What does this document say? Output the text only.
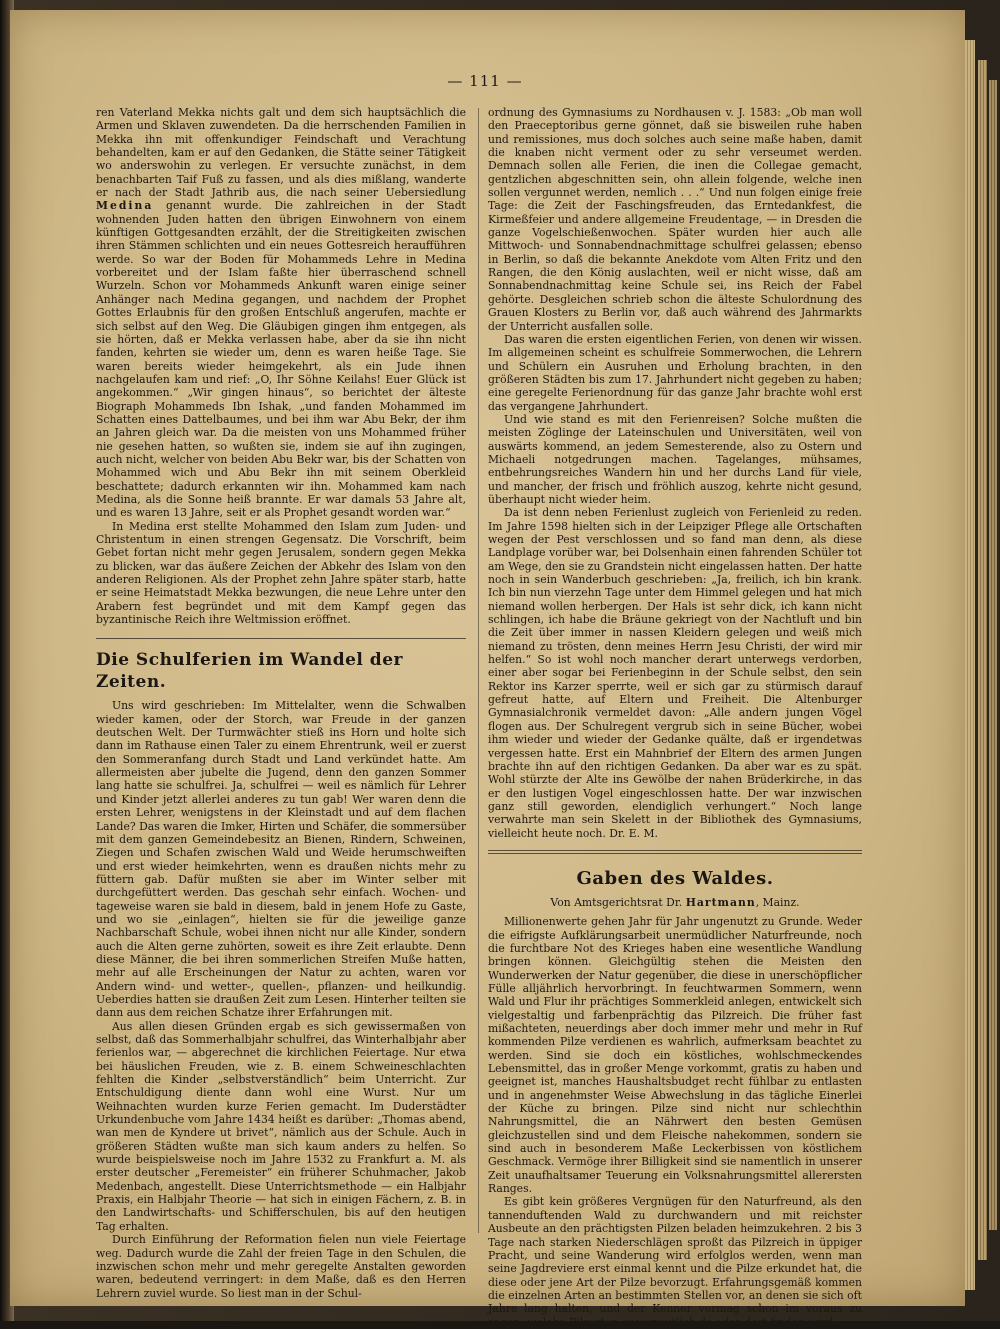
— 111 —

ren Vaterland Mekka nichts galt und dem sich hauptsächlich die Armen und Sklaven zuwendeten. Da die herrschenden Familien in Mekka ihn mit offenkundiger Feindschaft und Verachtung behandelten, kam er auf den Gedanken, die Stätte seiner Tätigkeit wo anderswohin zu verlegen. Er versuchte zunächst, in dem benachbarten Taif Fuß zu fassen, und als dies mißlang, wanderte er nach der Stadt Jathrib aus, die nach seiner Uebersiedlung Medina genannt wurde. Die zahlreichen in der Stadt wohnenden Juden hatten den übrigen Einwohnern von einem künftigen Gottgesandten erzählt, der die Streitigkeiten zwischen ihren Stämmen schlichten und ein neues Gottesreich heraufführen werde. So war der Boden für Mohammeds Lehre in Medina vorbereitet und der Islam faßte hier überraschend schnell Wurzeln. Schon vor Mohammeds Ankunft waren einige seiner Anhänger nach Medina gegangen, und nachdem der Prophet Gottes Erlaubnis für den großen Entschluß angerufen, machte er sich selbst auf den Weg. Die Gläubigen gingen ihm entgegen, als sie hörten, daß er Mekka verlassen habe, aber da sie ihn nicht fanden, kehrten sie wieder um, denn es waren heiße Tage. Sie waren bereits wieder heimgekehrt, als ein Jude ihnen nachgelaufen kam und rief: „O, Ihr Söhne Keilahs! Euer Glück ist angekommen.“ „Wir gingen hinaus“, so berichtet der älteste Biograph Mohammeds Ibn Ishak, „und fanden Mohammed im Schatten eines Dattelbaumes, und bei ihm war Abu Bekr, der ihm an Jahren gleich war. Da die meisten von uns Mohammed früher nie gesehen hatten, so wußten sie, indem sie auf ihn zugingen, auch nicht, welcher von beiden Abu Bekr war, bis der Schatten von Mohammed wich und Abu Bekr ihn mit seinem Oberkleid beschattete; dadurch erkannten wir ihn. Mohammed kam nach Medina, als die Sonne heiß brannte. Er war damals 53 Jahre alt, und es waren 13 Jahre, seit er als Prophet gesandt worden war.“

In Medina erst stellte Mohammed den Islam zum Juden- und Christentum in einen strengen Gegensatz. Die Vorschrift, beim Gebet fortan nicht mehr gegen Jerusalem, sondern gegen Mekka zu blicken, war das äußere Zeichen der Abkehr des Islam von den anderen Religionen. Als der Prophet zehn Jahre später starb, hatte er seine Heimatstadt Mekka bezwungen, die neue Lehre unter den Arabern fest begründet und mit dem Kampf gegen das byzantinische Reich ihre Weltmission eröffnet.

Die Schulferien im Wandel der Zeiten.

Uns wird geschrieben: Im Mittelalter, wenn die Schwalben wieder kamen, oder der Storch, war Freude in der ganzen deutschen Welt. Der Turmwächter stieß ins Horn und holte sich dann im Rathause einen Taler zu einem Ehrentrunk, weil er zuerst den Sommeranfang durch Stadt und Land verkündet hatte. Am allermeisten aber jubelte die Jugend, denn den ganzen Sommer lang hatte sie schulfrei. Ja, schulfrei — weil es nämlich für Lehrer und Kinder jetzt allerlei anderes zu tun gab! Wer waren denn die ersten Lehrer, wenigstens in der Kleinstadt und auf dem flachen Lande? Das waren die Imker, Hirten und Schäfer, die sommersüber mit dem ganzen Gemeindebesitz an Bienen, Rindern, Schweinen, Ziegen und Schafen zwischen Wald und Weide herumschweiften und erst wieder heimkehrten, wenn es draußen nichts mehr zu füttern gab. Dafür mußten sie aber im Winter selber mit durchgefüttert werden. Das geschah sehr einfach. Wochen- und tageweise waren sie bald in diesem, bald in jenem Hofe zu Gaste, und wo sie „einlagen“, hielten sie für die jeweilige ganze Nachbarschaft Schule, wobei ihnen nicht nur alle Kinder, sondern auch die Alten gerne zuhörten, soweit es ihre Zeit erlaubte. Denn diese Männer, die bei ihren sommerlichen Streifen Muße hatten, mehr auf alle Erscheinungen der Natur zu achten, waren vor Andern wind- und wetter-, quellen-, pflanzen- und heilkundig. Ueberdies hatten sie draußen Zeit zum Lesen. Hinterher teilten sie dann aus dem reichen Schatze ihrer Erfahrungen mit.

Aus allen diesen Gründen ergab es sich gewissermaßen von selbst, daß das Sommerhalbjahr schulfrei, das Winterhalbjahr aber ferienlos war, — abgerechnet die kirchlichen Feiertage. Nur etwa bei häuslichen Freuden, wie z. B. einem Schweineschlachten fehlten die Kinder „selbstverständlich“ beim Unterricht. Zur Entschuldigung diente dann wohl eine Wurst. Nur um Weihnachten wurden kurze Ferien gemacht. Im Duderstädter Urkundenbuche vom Jahre 1434 heißt es darüber: „Thomas abend, wan men de Kyndere ut brivet“, nämlich aus der Schule. Auch in größeren Städten wußte man sich kaum anders zu helfen. So wurde beispielsweise noch im Jahre 1532 zu Frankfurt a. M. als erster deutscher „Feremeister“ ein früherer Schuhmacher, Jakob Medenbach, angestellt. Diese Unterrichtsmethode — ein Halbjahr Praxis, ein Halbjahr Theorie — hat sich in einigen Fächern, z. B. in den Landwirtschafts- und Schifferschulen, bis auf den heutigen Tag erhalten.

Durch Einführung der Reformation fielen nun viele Feiertage weg. Dadurch wurde die Zahl der freien Tage in den Schulen, die inzwischen schon mehr und mehr geregelte Anstalten geworden waren, bedeutend verringert: in dem Maße, daß es den Herren Lehrern zuviel wurde. So liest man in der Schul-

ordnung des Gymnasiums zu Nordhausen v. J. 1583: „Ob man woll den Praeceptoribus gerne gönnet, daß sie bisweilen ruhe haben und remissiones, mus doch solches auch seine maße haben, damit die knaben nicht verment oder zu sehr verseumet werden. Demnach sollen alle Ferien, die inen die Collegae gemacht, gentzlichen abgeschnitten sein, ohn allein folgende, welche inen sollen vergunnet werden, nemlich . . .“ Und nun folgen einige freie Tage: die Zeit der Faschingsfreuden, das Erntedankfest, die Kirmeßfeier und andere allgemeine Freudentage, — in Dresden die ganze Vogelschießenwochen. Später wurden hier auch alle Mittwoch- und Sonnabendnachmittage schulfrei gelassen; ebenso in Berlin, so daß die bekannte Anekdote vom Alten Fritz und den Rangen, die den König auslachten, weil er nicht wisse, daß am Sonnabendnachmittag keine Schule sei, ins Reich der Fabel gehörte. Desgleichen schrieb schon die älteste Schulordnung des Grauen Klosters zu Berlin vor, daß auch während des Jahrmarkts der Unterricht ausfallen solle.

Das waren die ersten eigentlichen Ferien, von denen wir wissen. Im allgemeinen scheint es schulfreie Sommerwochen, die Lehrern und Schülern ein Ausruhen und Erholung brachten, in den größeren Städten bis zum 17. Jahrhundert nicht gegeben zu haben; eine geregelte Ferienordnung für das ganze Jahr brachte wohl erst das vergangene Jahrhundert.

Und wie stand es mit den Ferienreisen? Solche mußten die meisten Zöglinge der Lateinschulen und Universitäten, weil von auswärts kommend, an jedem Semesterende, also zu Ostern und Michaeli notgedrungen machen. Tagelanges, mühsames, entbehrungsreiches Wandern hin und her durchs Land für viele, und mancher, der frisch und fröhlich auszog, kehrte nicht gesund, überhaupt nicht wieder heim.

Da ist denn neben Ferienlust zugleich von Ferienleid zu reden. Im Jahre 1598 hielten sich in der Leipziger Pflege alle Ortschaften wegen der Pest verschlossen und so fand man denn, als diese Landplage vorüber war, bei Dolsenhain einen fahrenden Schüler tot am Wege, den sie zu Grandstein nicht eingelassen hatten. Der hatte noch in sein Wanderbuch geschrieben: „Ja, freilich, ich bin krank. Ich bin nun vierzehn Tage unter dem Himmel gelegen und hat mich niemand wollen herbergen. Der Hals ist sehr dick, ich kann nicht schlingen, ich habe die Bräune gekriegt von der Nachtluft und bin die Zeit über immer in nassen Kleidern gelegen und weiß mich niemand zu trösten, denn meines Herrn Jesu Christi, der wird mir helfen.“ So ist wohl noch mancher derart unterwegs verdorben, einer aber sogar bei Ferienbeginn in der Schule selbst, den sein Rektor ins Karzer sperrte, weil er sich gar zu stürmisch darauf gefreut hatte, auf Eltern und Freiheit. Die Altenburger Gymnasialchronik vermeldet davon: „Alle andern jungen Vögel flogen aus. Der Schulregent vergrub sich in seine Bücher, wobei ihm wieder und wieder der Gedanke quälte, daß er irgendetwas vergessen hatte. Erst ein Mahnbrief der Eltern des armen Jungen brachte ihn auf den richtigen Gedanken. Da aber war es zu spät. Wohl stürzte der Alte ins Gewölbe der nahen Brüderkirche, in das er den lustigen Vogel eingeschlossen hatte. Der war inzwischen ganz still geworden, elendiglich verhungert.“ Noch lange verwahrte man sein Skelett in der Bibliothek des Gymnasiums, vielleicht heute noch. Dr. E. M.

Gaben des Waldes.
Von Amtsgerichtsrat Dr. Hartmann, Mainz.

Millionenwerte gehen Jahr für Jahr ungenutzt zu Grunde. Weder die eifrigste Aufklärungsarbeit unermüdlicher Naturfreunde, noch die furchtbare Not des Krieges haben eine wesentliche Wandlung bringen können. Gleichgültig stehen die Meisten den Wunderwerken der Natur gegenüber, die diese in unerschöpflicher Fülle alljährlich hervorbringt. In feuchtwarmen Sommern, wenn Wald und Flur ihr prächtiges Sommerkleid anlegen, entwickelt sich vielgestaltig und farbenprächtig das Pilzreich. Die früher fast mißachteten, neuerdings aber doch immer mehr und mehr in Ruf kommenden Pilze verdienen es wahrlich, aufmerksam beachtet zu werden. Sind sie doch ein köstliches, wohlschmeckendes Lebensmittel, das in großer Menge vorkommt, gratis zu haben und geeignet ist, manches Haushaltsbudget recht fühlbar zu entlasten und in angenehmster Weise Abwechslung in das tägliche Einerlei der Küche zu bringen. Pilze sind nicht nur schlechthin Nahrungsmittel, die an Nährwert den besten Gemüsen gleichzustellen sind und dem Fleische nahekommen, sondern sie sind auch in besonderem Maße Leckerbissen von köstlichem Geschmack. Vermöge ihrer Billigkeit sind sie namentlich in unserer Zeit unaufhaltsamer Teuerung ein Volksnahrungsmittel allerersten Ranges.

Es gibt kein größeres Vergnügen für den Naturfreund, als den tannenduftenden Wald zu durchwandern und mit reichster Ausbeute an den prächtigsten Pilzen beladen heimzukehren. 2 bis 3 Tage nach starken Niederschlägen sproßt das Pilzreich in üppiger Pracht, und seine Wanderung wird erfolglos werden, wenn man seine Jagdreviere erst einmal kennt und die Pilze erkundet hat, die diese oder jene Art der Pilze bevorzugt. Erfahrungsgemäß kommen die einzelnen Arten an bestimmten Stellen vor, an denen sie sich oft Jahre lang halten, und der Kenner vermag schon im voraus zu sagen, welche Pilzarten er vermutlich da oder dort finden wird.
